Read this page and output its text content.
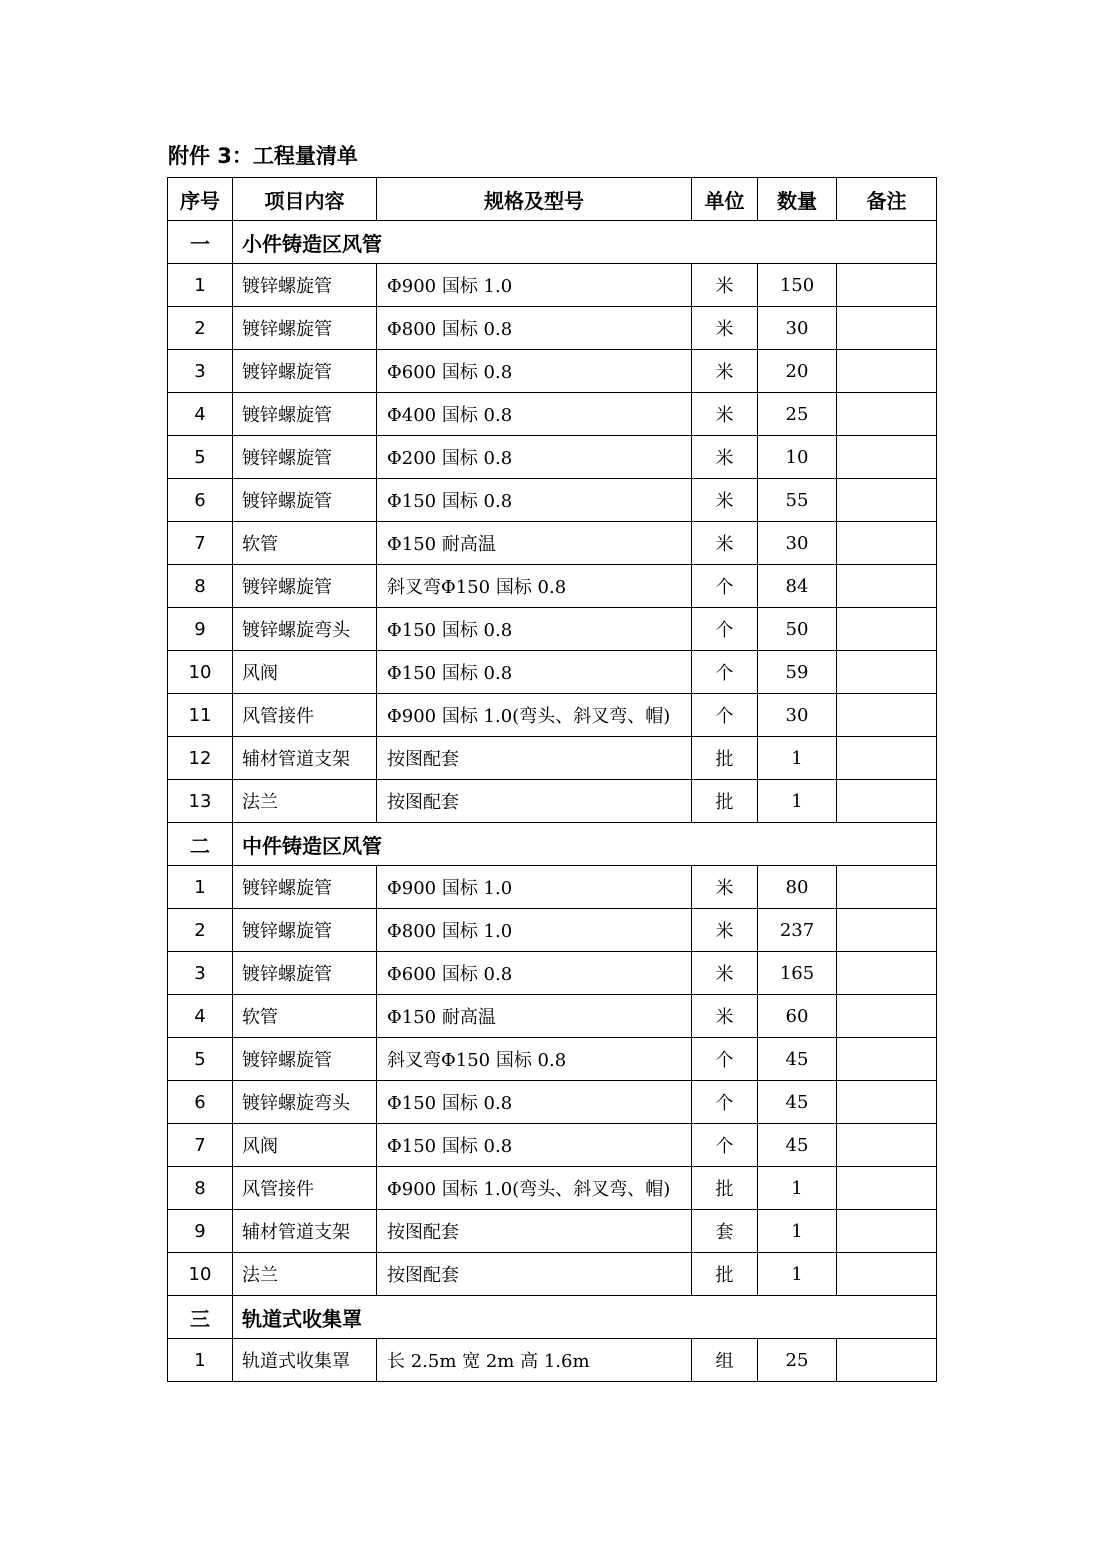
附件 3：工程量清单
序号	项目内容	规格及型号	单位	数量	备注
一	小件铸造区风管				
1	镀锌螺旋管	Φ900 国标 1.0	米	150	
2	镀锌螺旋管	Φ800 国标 0.8	米	30	
3	镀锌螺旋管	Φ600 国标 0.8	米	20	
4	镀锌螺旋管	Φ400 国标 0.8	米	25	
5	镀锌螺旋管	Φ200 国标 0.8	米	10	
6	镀锌螺旋管	Φ150 国标 0.8	米	55	
7	软管	Φ150 耐高温	米	30	
8	镀锌螺旋管	斜叉弯Φ150 国标 0.8	个	84	
9	镀锌螺旋弯头	Φ150 国标 0.8	个	50	
10	风阀	Φ150 国标 0.8	个	59	
11	风管接件	Φ900 国标 1.0(弯头、斜叉弯、帽)	个	30	
12	辅材管道支架	按图配套	批	1	
13	法兰	按图配套	批	1	
二	中件铸造区风管				
1	镀锌螺旋管	Φ900 国标 1.0	米	80	
2	镀锌螺旋管	Φ800 国标 1.0	米	237	
3	镀锌螺旋管	Φ600 国标 0.8	米	165	
4	软管	Φ150 耐高温	米	60	
5	镀锌螺旋管	斜叉弯Φ150 国标 0.8	个	45	
6	镀锌螺旋弯头	Φ150 国标 0.8	个	45	
7	风阀	Φ150 国标 0.8	个	45	
8	风管接件	Φ900 国标 1.0(弯头、斜叉弯、帽)	批	1	
9	辅材管道支架	按图配套	套	1	
10	法兰	按图配套	批	1	
三	轨道式收集罩				
1	轨道式收集罩	长 2.5m 宽 2m 高 1.6m	组	25	
